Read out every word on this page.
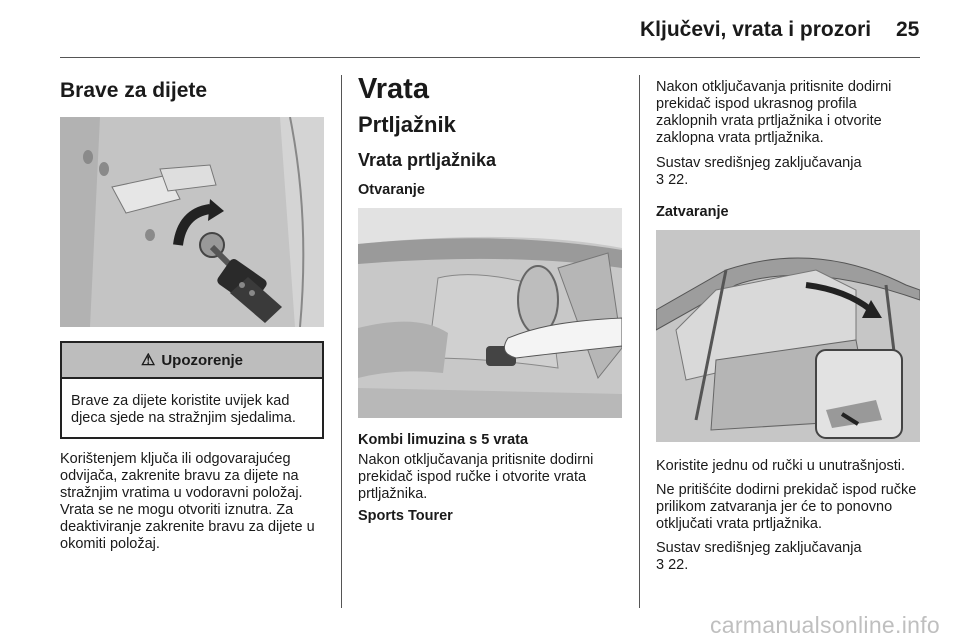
Ključevi, vrata i prozori 25
Brave za dijete
⚠ Upozorenje
Brave za dijete koristite uvijek kad djeca sjede na stražnjim sjedalima.

Korištenjem ključa ili odgovarajućeg odvijača, zakrenite bravu za dijete na stražnjim vratima u vodoravni položaj. Vrata se ne mogu otvoriti iznutra. Za deaktiviranje zakrenite bravu za dijete u okomiti položaj.

Vrata
Prtljažnik
Vrata prtljažnika
Otvaranje
Kombi limuzina s 5 vrata

Nakon otključavanja pritisnite dodirni prekidač ispod ručke i otvorite vrata prtljažnika.

Sports Tourer

Nakon otključavanja pritisnite dodirni prekidač ispod ukrasnog profila zaklopnih vrata prtljažnika i otvorite zaklopna vrata prtljažnika.

Sustav središnjeg zaključavanja

3 22.

Zatvaranje

Koristite jednu od ručki u unutrašnjosti.

Ne pritišćite dodirni prekidač ispod ručke prilikom zatvaranja jer će to ponovno otključati vrata prtljažnika.

Sustav središnjeg zaključavanja

3 22.

carmanualsonline.info
